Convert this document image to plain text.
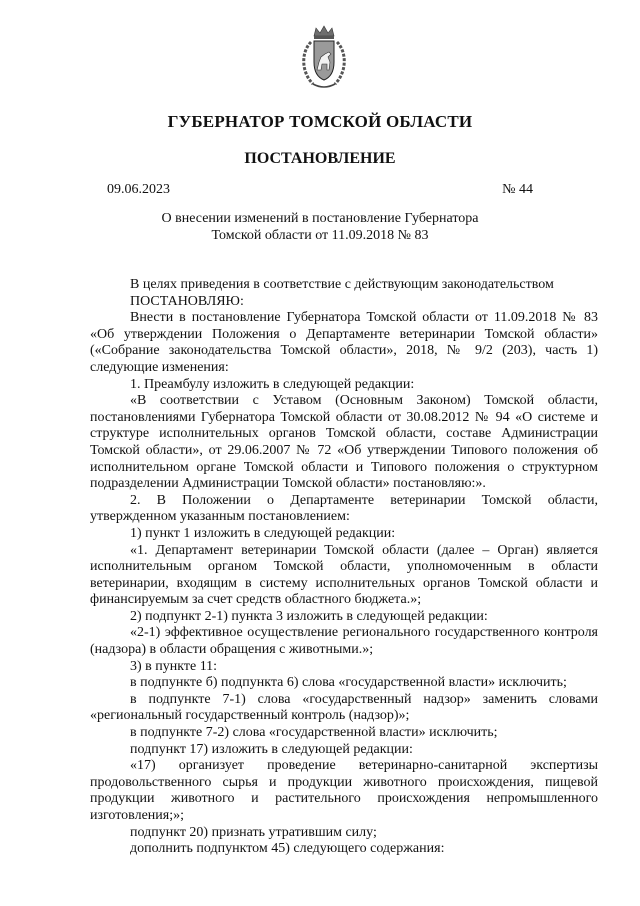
ГУБЕРНАТОР ТОМСКОЙ ОБЛАСТИ
ПОСТАНОВЛЕНИЕ
09.06.2023	№ 44
О внесении изменений в постановление Губернатора
Томской области от 11.09.2018 № 83

В целях приведения в соответствие с действующим законодательством

ПОСТАНОВЛЯЮ:

Внести в постановление Губернатора Томской области от 11.09.2018 № 83 «Об утверждении Положения о Департаменте ветеринарии Томской области» («Собрание законодательства Томской области», 2018, № 9/2 (203), часть 1) следующие изменения:

1. Преамбулу изложить в следующей редакции:

«В соответствии с Уставом (Основным Законом) Томской области, постановлениями Губернатора Томской области от 30.08.2012 № 94 «О системе и структуре исполнительных органов Томской области, составе Администрации Томской области», от 29.06.2007 № 72 «Об утверждении Типового положения об исполнительном органе Томской области и Типового положения о структурном подразделении Администрации Томской области» постановляю:».

2. В Положении о Департаменте ветеринарии Томской области, утвержденном указанным постановлением:

1) пункт 1 изложить в следующей редакции:

«1. Департамент ветеринарии Томской области (далее – Орган) является исполнительным органом Томской области, уполномоченным в области ветеринарии, входящим в систему исполнительных органов Томской области и финансируемым за счет средств областного бюджета.»;

2) подпункт 2-1) пункта 3 изложить в следующей редакции:

«2-1) эффективное осуществление регионального государственного контроля (надзора) в области обращения с животными.»;

3) в пункте 11:

в подпункте б) подпункта 6) слова «государственной власти» исключить;

в подпункте 7-1) слова «государственный надзор» заменить словами «региональный государственный контроль (надзор)»;

в подпункте 7-2) слова «государственной власти» исключить;

подпункт 17) изложить в следующей редакции:

«17) организует проведение ветеринарно-санитарной экспертизы продовольственного сырья и продукции животного происхождения, пищевой продукции животного и растительного происхождения непромышленного изготовления;»;

подпункт 20) признать утратившим силу;

дополнить подпунктом 45) следующего содержания:
